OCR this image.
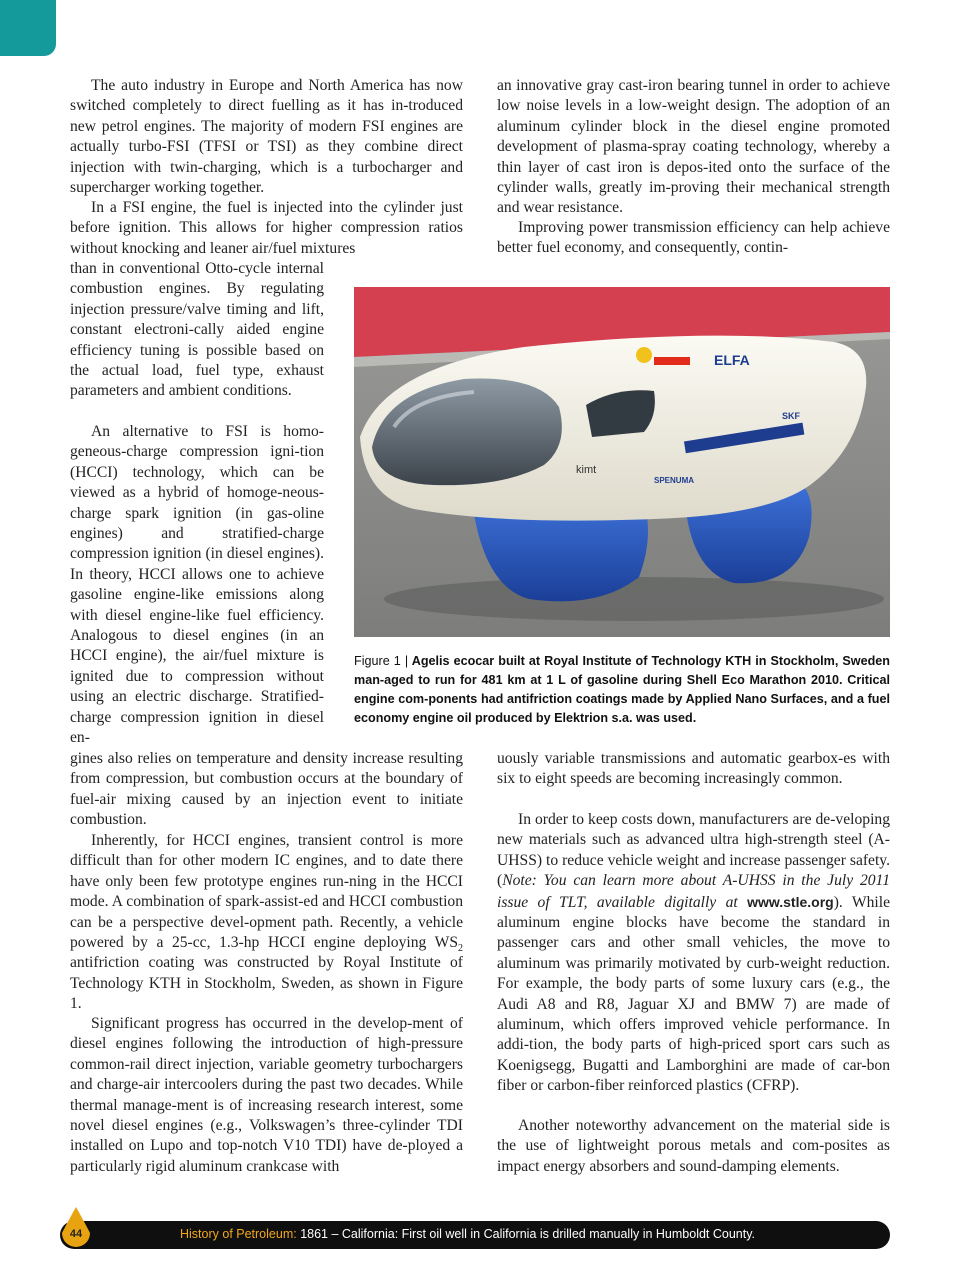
The auto industry in Europe and North America has now switched completely to direct fuelling as it has in-troduced new petrol engines. The majority of modern FSI engines are actually turbo-FSI (TFSI or TSI) as they combine direct injection with twin-charging, which is a turbocharger and supercharger working together.

In a FSI engine, the fuel is injected into the cylinder just before ignition. This allows for higher compression ratios without knocking and leaner air/fuel mixtures

than in conventional Otto-cycle internal combustion engines. By regulating injection pressure/valve timing and lift, constant electroni-cally aided engine efficiency tuning is possible based on the actual load, fuel type, exhaust parameters and ambient conditions.

An alternative to FSI is homo-geneous-charge compression igni-tion (HCCI) technology, which can be viewed as a hybrid of homoge-neous-charge spark ignition (in gas-oline engines) and stratified-charge compression ignition (in diesel engines). In theory, HCCI allows one to achieve gasoline engine-like emissions along with diesel engine-like fuel efficiency. Analogous to diesel engines (in an HCCI engine), the air/fuel mixture is ignited due to compression without using an electric discharge. Stratified-charge compression ignition in diesel en-

gines also relies on temperature and density increase resulting from compression, but combustion occurs at the boundary of fuel-air mixing caused by an injection event to initiate combustion.

Inherently, for HCCI engines, transient control is more difficult than for other modern IC engines, and to date there have only been few prototype engines run-ning in the HCCI mode. A combination of spark-assist-ed and HCCI combustion can be a perspective devel-opment path. Recently, a vehicle powered by a 25-cc, 1.3-hp HCCI engine deploying $WS_2$ antifriction coating was constructed by Royal Institute of Technology KTH in Stockholm, Sweden, as shown in Figure 1.

Significant progress has occurred in the develop-ment of diesel engines following the introduction of high-pressure common-rail direct injection, variable geometry turbochargers and charge-air intercoolers during the past two decades. While thermal manage-ment is of increasing research interest, some novel diesel engines (e.g., Volkswagen’s three-cylinder TDI installed on Lupo and top-notch V10 TDI) have de-ployed a particularly rigid aluminum crankcase with

an innovative gray cast-iron bearing tunnel in order to achieve low noise levels in a low-weight design. The adoption of an aluminum cylinder block in the diesel engine promoted development of plasma-spray coating technology, whereby a thin layer of cast iron is depos-ited onto the surface of the cylinder walls, greatly im-proving their mechanical strength and wear resistance.

Improving power transmission efficiency can help achieve better fuel economy, and consequently, contin-

uously variable transmissions and automatic gearbox-es with six to eight speeds are becoming increasingly common.

In order to keep costs down, manufacturers are de-veloping new materials such as advanced ultra high-strength steel (A-UHSS) to reduce vehicle weight and increase passenger safety. (Note: You can learn more about A-UHSS in the July 2011 issue of TLT, available digitally at www.stle.org). While aluminum engine blocks have become the standard in passenger cars and other small vehicles, the move to aluminum was primarily motivated by curb-weight reduction. For example, the body parts of some luxury cars (e.g., the Audi A8 and R8, Jaguar XJ and BMW 7) are made of aluminum, which offers improved vehicle performance. In addi-tion, the body parts of high-priced sport cars such as Koenigsegg, Bugatti and Lamborghini are made of car-bon fiber or carbon-fiber reinforced plastics (CFRP).

Another noteworthy advancement on the material side is the use of lightweight porous metals and com-posites as impact energy absorbers and sound-damping elements.

ELFA
kimt
SPENUMA
SKF
Figure 1 | Agelis ecocar built at Royal Institute of Technology KTH in Stockholm, Sweden man-aged to run for 481 km at 1 L of gasoline during Shell Eco Marathon 2010. Critical engine com-ponents had antifriction coatings made by Applied Nano Surfaces, and a fuel economy engine oil produced by Elektrion s.a. was used.
History of Petroleum: 1861 – California: First oil well in California is drilled manually in Humboldt County.
44
